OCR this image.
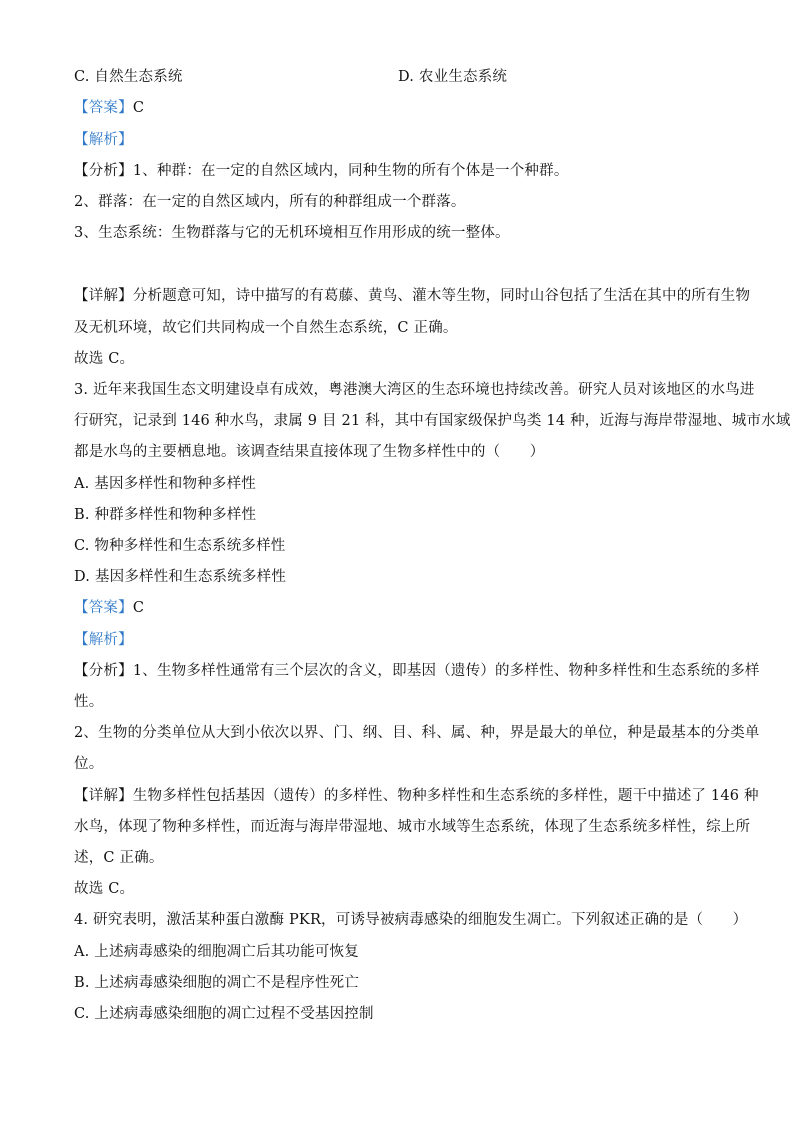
C. 自然生态系统	D. 农业生态系统
【答案】C
【解析】
【分析】1、种群：在一定的自然区域内，同种生物的所有个体是一个种群。
2、群落：在一定的自然区域内，所有的种群组成一个群落。
3、生态系统：生物群落与它的无机环境相互作用形成的统一整体。
【详解】分析题意可知，诗中描写的有葛藤、黄鸟、灌木等生物，同时山谷包括了生活在其中的所有生物
及无机环境，故它们共同构成一个自然生态系统，C 正确。
故选 C。
3. 近年来我国生态文明建设卓有成效，粤港澳大湾区的生态环境也持续改善。研究人员对该地区的水鸟进
行研究，记录到 146 种水鸟，隶属 9 目 21 科，其中有国家级保护鸟类 14 种，近海与海岸带湿地、城市水域
都是水鸟的主要栖息地。该调查结果直接体现了生物多样性中的（　　）
A. 基因多样性和物种多样性
B. 种群多样性和物种多样性
C. 物种多样性和生态系统多样性
D. 基因多样性和生态系统多样性
【答案】C
【解析】
【分析】1、生物多样性通常有三个层次的含义，即基因（遗传）的多样性、物种多样性和生态系统的多样
性。
2、生物的分类单位从大到小依次以界、门、纲、目、科、属、种，界是最大的单位，种是最基本的分类单
位。
【详解】生物多样性包括基因（遗传）的多样性、物种多样性和生态系统的多样性，题干中描述了 146 种
水鸟，体现了物种多样性，而近海与海岸带湿地、城市水域等生态系统，体现了生态系统多样性，综上所
述，C 正确。
故选 C。
4. 研究表明，激活某种蛋白激酶 PKR，可诱导被病毒感染的细胞发生凋亡。下列叙述正确的是（　　）
A. 上述病毒感染的细胞凋亡后其功能可恢复
B. 上述病毒感染细胞的凋亡不是程序性死亡
C. 上述病毒感染细胞的凋亡过程不受基因控制
